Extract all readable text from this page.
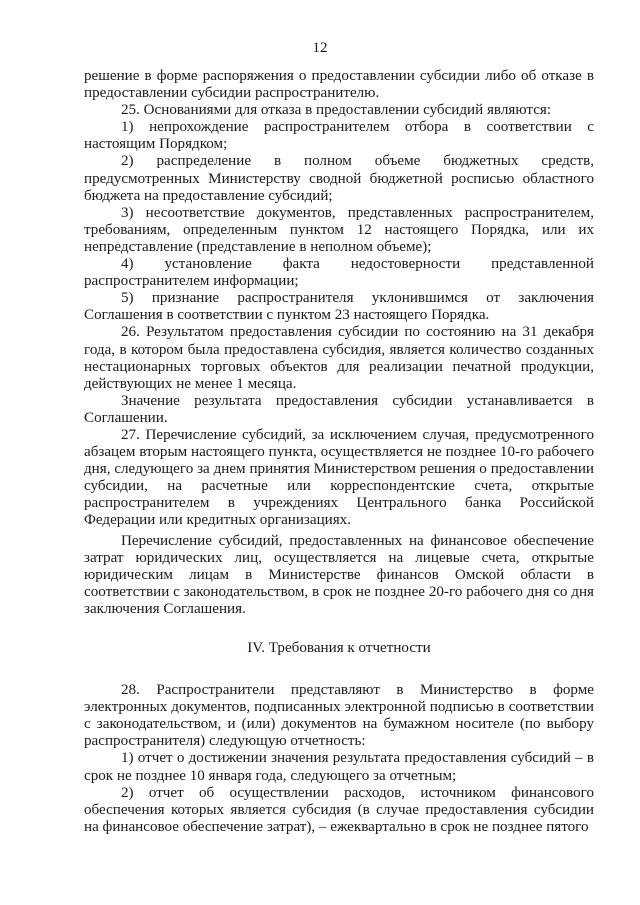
12

решение в форме распоряжения о предоставлении субсидии либо об отказе в предоставлении субсидии распространителю.

25. Основаниями для отказа в предоставлении субсидий являются:

1) непрохождение распространителем отбора в соответствии с настоящим Порядком;

2) распределение в полном объеме бюджетных средств, предусмотренных Министерству сводной бюджетной росписью областного бюджета на предоставление субсидий;

3) несоответствие документов, представленных распространителем, требованиям, определенным пунктом 12 настоящего Порядка, или их непредставление (представление в неполном объеме);

4) установление факта недостоверности представленной распространителем информации;

5) признание распространителя уклонившимся от заключения Соглашения в соответствии с пунктом 23 настоящего Порядка.

26. Результатом предоставления субсидии по состоянию на 31 декабря года, в котором была предоставлена субсидия, является количество созданных нестационарных торговых объектов для реализации печатной продукции, действующих не менее 1 месяца.

Значение результата предоставления субсидии устанавливается в Соглашении.

27. Перечисление субсидий, за исключением случая, предусмотренного абзацем вторым настоящего пункта, осуществляется не позднее 10-го рабочего дня, следующего за днем принятия Министерством решения о предоставлении субсидии, на расчетные или корреспондентские счета, открытые распространителем в учреждениях Центрального банка Российской Федерации или кредитных организациях.

Перечисление субсидий, предоставленных на финансовое обеспечение затрат юридических лиц, осуществляется на лицевые счета, открытые юридическим лицам в Министерстве финансов Омской области в соответствии с законодательством, в срок не позднее 20-го рабочего дня со дня заключения Соглашения.

IV. Требования к отчетности

28. Распространители представляют в Министерство в форме электронных документов, подписанных электронной подписью в соответствии с законодательством, и (или) документов на бумажном носителе (по выбору распространителя) следующую отчетность:

1) отчет о достижении значения результата предоставления субсидий – в срок не позднее 10 января года, следующего за отчетным;

2) отчет об осуществлении расходов, источником финансового обеспечения которых является субсидия (в случае предоставления субсидии на финансовое обеспечение затрат), – ежеквартально в срок не позднее пятого
